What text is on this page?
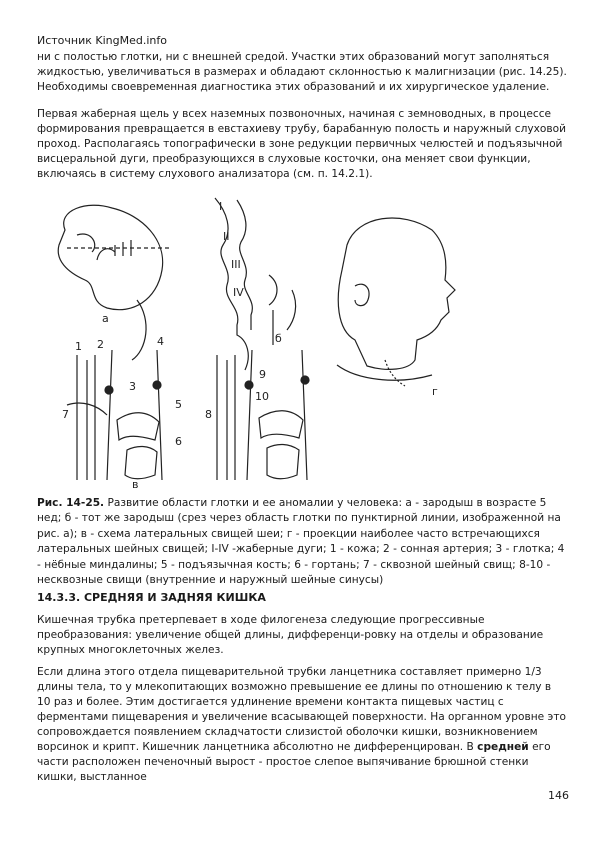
Источник KingMed.info

ни с полостью глотки, ни с внешней средой. Участки этих образований могут заполняться жидкостью, увеличиваться в размерах и обладают склонностью к малигнизации (рис. 14.25). Необходимы своевременная диагностика этих образований и их хирургическое удаление.

Первая жаберная щель у всех наземных позвоночных, начиная с земноводных, в процессе формирования превращается в евстахиеву трубу, барабанную полость и наружный слуховой проход. Располагаясь топографически в зоне редукции первичных челюстей и подъязычной висцеральной дуги, преобразующихся в слуховые косточки, она меняет свои функции, включаясь в систему слухового анализатора (см. п. 14.2.1).

а
б
в
г
I
II
III
IV
1 2
3
4
5
6
7	8
9
10

Рис. 14-25. Развитие области глотки и ее аномалии у человека: а - зародыш в возрасте 5 нед; б - тот же зародыш (срез через область глотки по пунктирной линии, изображенной на рис. а); в - схема латеральных свищей шеи; г - проекции наиболее часто встречающихся латеральных шейных свищей; I-IV -жаберные дуги; 1 - кожа; 2 - сонная артерия; 3 - глотка; 4 - нёбные миндалины; 5 - подъязычная кость; 6 - гортань; 7 - сквозной шейный свищ; 8-10 - несквозные свищи (внутренние и наружный шейные синусы)

14.3.3. СРЕДНЯЯ И ЗАДНЯЯ КИШКА

Кишечная трубка претерпевает в ходе филогенеза следующие прогрессивные преобразования: увеличение общей длины, дифференци-ровку на отделы и образование крупных многоклеточных желез.

Если длина этого отдела пищеварительной трубки ланцетника составляет примерно 1/3 длины тела, то у млекопитающих возможно превышение ее длины по отношению к телу в 10 раз и более. Этим достигается удлинение времени контакта пищевых частиц с ферментами пищеварения и увеличение всасывающей поверхности. На органном уровне это сопровождается появлением складчатости слизистой оболочки кишки, возникновением ворсинок и крипт. Кишечник ланцетника абсолютно не дифференцирован. В средней его части расположен печеночный вырост - простое слепое выпячивание брюшной стенки кишки, выстланное

146
